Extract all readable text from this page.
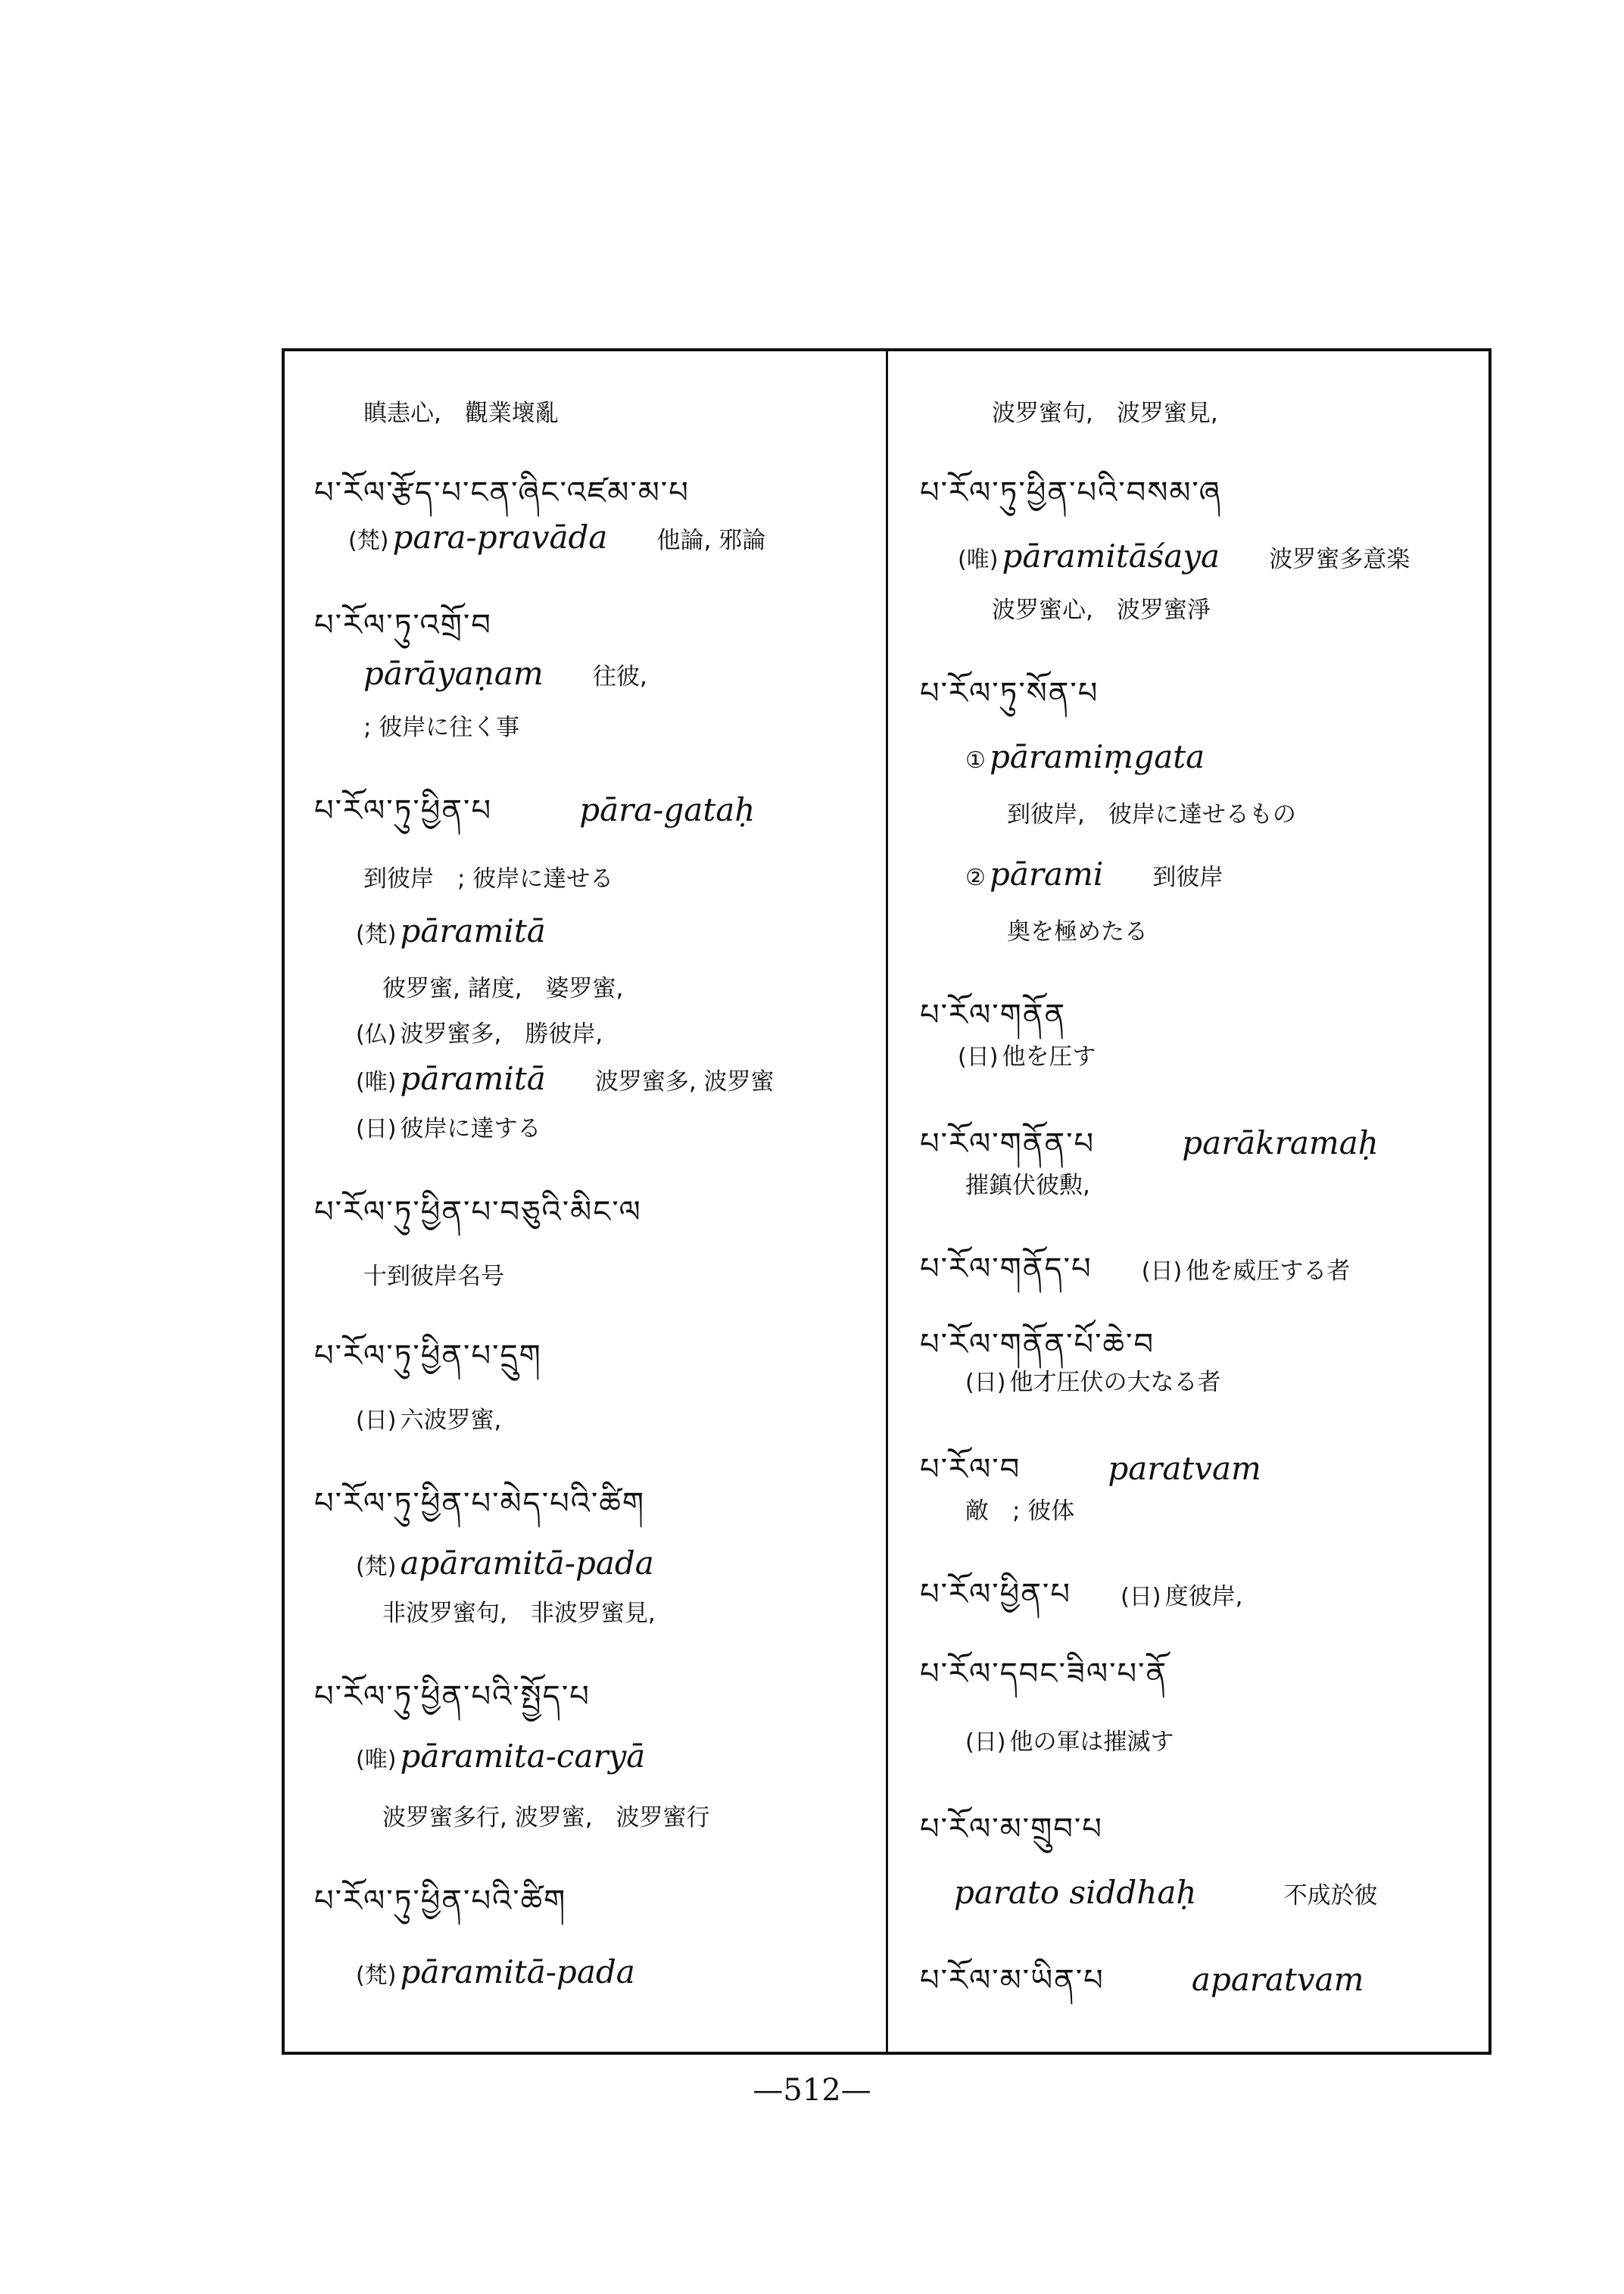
瞋恚心,　觀業壞亂
པ་རོལ་རྩོད་པ་ངན་ཞིང་འཛམ་མ་པ
(梵) para-pravāda 他論, 邪論
པ་རོལ་ཏུ་འགྲོ་བ
pārāyaṇam 往彼,
; 彼岸に往く事
པ་རོལ་ཏུ་ཕྱིན་པ	pāra-gataḥ
到彼岸　; 彼岸に達せる
(梵) pāramitā
彼罗蜜, 諸度,　婆罗蜜,
(仏) 波罗蜜多,　勝彼岸,
(唯) pāramitā 波罗蜜多, 波罗蜜
(日) 彼岸に達する
པ་རོལ་ཏུ་ཕྱིན་པ་བཅུའི་མིང་ལ
十到彼岸名号
པ་རོལ་ཏུ་ཕྱིན་པ་དྲུག
(日) 六波罗蜜,
པ་རོལ་ཏུ་ཕྱིན་པ་མེད་པའི་ཚིག
(梵) apāramitā-pada
非波罗蜜句,　非波罗蜜見,
པ་རོལ་ཏུ་ཕྱིན་པའི་སྤྱོད་པ
(唯) pāramita-caryā
波罗蜜多行, 波罗蜜,　波罗蜜行
པ་རོལ་ཏུ་ཕྱིན་པའི་ཚིག
(梵) pāramitā-pada
波罗蜜句,　波罗蜜見,
པ་རོལ་ཏུ་ཕྱིན་པའི་བསམ་ཞ
(唯) pāramitāśaya 波罗蜜多意楽
波罗蜜心,　波罗蜜淨
པ་རོལ་ཏུ་སོན་པ
① pāramiṃgata
到彼岸,　彼岸に達せるもの
② pārami 到彼岸
奥を極めたる
པ་རོལ་གནོན
(日) 他を圧す
པ་རོལ་གནོན་པ	parākramaḥ
摧鎮伏彼勲,
པ་རོལ་གནོད་པ (日) 他を威圧する者
པ་རོལ་གནོན་པོ་ཆེ་བ
(日) 他才圧伏の大なる者
པ་རོལ་བ	paratvam
敵　; 彼体
པ་རོལ་ཕྱིན་པ (日) 度彼岸,
པ་རོལ་དབང་ཟིལ་པ་ནོ
(日) 他の軍は摧滅す
པ་རོལ་མ་གྲུབ་པ
parato siddhaḥ	不成於彼
པ་རོལ་མ་ཡིན་པ	aparatvam
—512—
